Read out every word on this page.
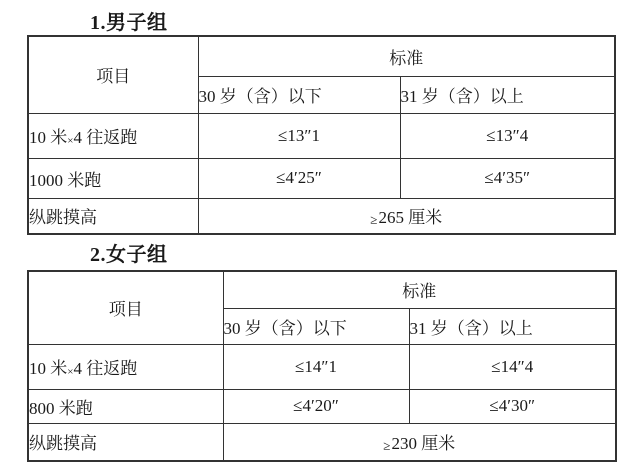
1.男子组
项目	标准	
	30 岁（含）以下	31 岁（含）以上
10 米×4 往返跑	≤13″1	≤13″4
1000 米跑	≤4′25″	≤4′35″
纵跳摸高	≥265 厘米	
2.女子组
项目	标准	
	30 岁（含）以下	31 岁（含）以上
10 米×4 往返跑	≤14″1	≤14″4
800 米跑	≤4′20″	≤4′30″
纵跳摸高	≥230 厘米	
